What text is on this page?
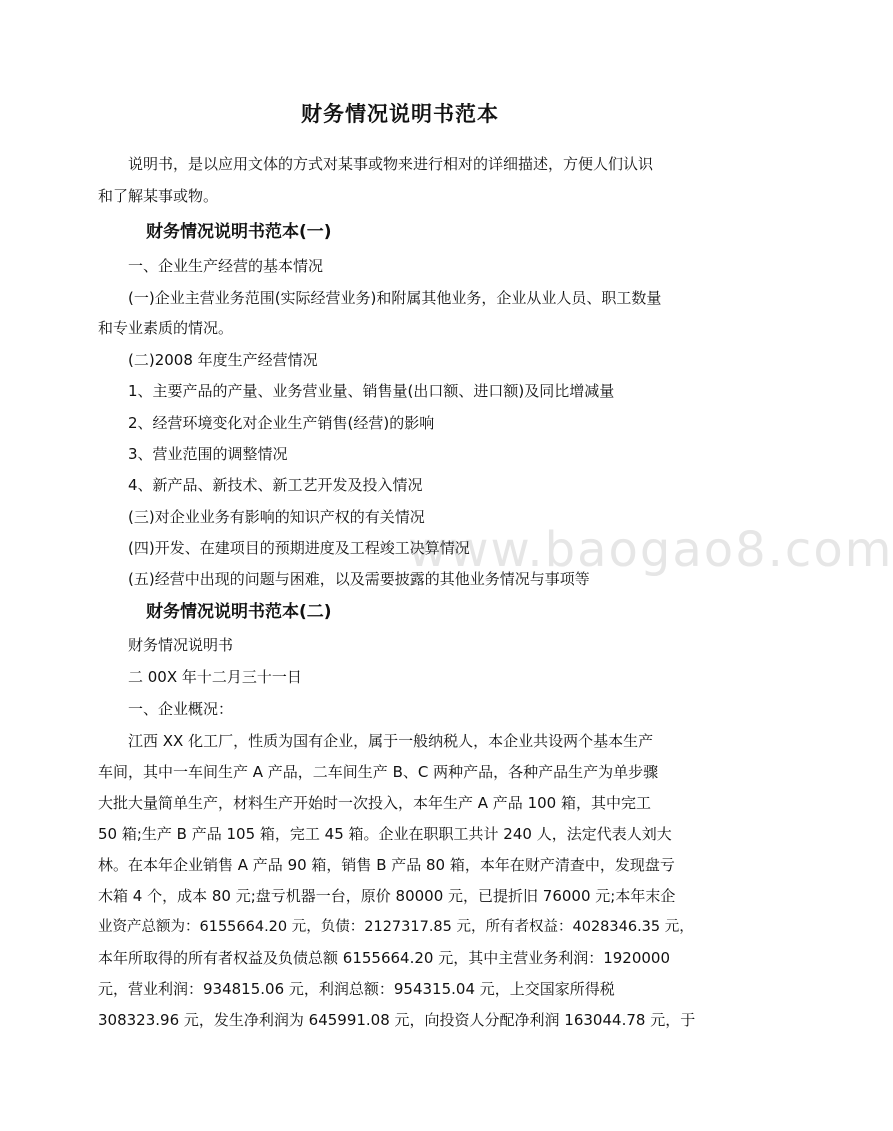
www.baogao8.com
财务情况说明书范本
说明书，是以应用文体的方式对某事或物来进行相对的详细描述，方便人们认识
和了解某事或物。
财务情况说明书范本(一)
一、企业生产经营的基本情况
(一)企业主营业务范围(实际经营业务)和附属其他业务，企业从业人员、职工数量
和专业素质的情况。
(二)2008 年度生产经营情况
1、主要产品的产量、业务营业量、销售量(出口额、进口额)及同比增减量
2、经营环境变化对企业生产销售(经营)的影响
3、营业范围的调整情况
4、新产品、新技术、新工艺开发及投入情况
(三)对企业业务有影响的知识产权的有关情况
(四)开发、在建项目的预期进度及工程竣工决算情况
(五)经营中出现的问题与困难，以及需要披露的其他业务情况与事项等
财务情况说明书范本(二)
财务情况说明书
二 00X 年十二月三十一日
一、企业概况：
江西 XX 化工厂，性质为国有企业，属于一般纳税人，本企业共设两个基本生产
车间，其中一车间生产 A 产品，二车间生产 B、C 两种产品，各种产品生产为单步骤
大批大量简单生产，材料生产开始时一次投入，本年生产 A 产品 100 箱，其中完工
50 箱;生产 B 产品 105 箱，完工 45 箱。企业在职职工共计 240 人，法定代表人刘大
林。在本年企业销售 A 产品 90 箱，销售 B 产品 80 箱，本年在财产清查中，发现盘亏
木箱 4 个，成本 80 元;盘亏机器一台，原价 80000 元，已提折旧 76000 元;本年末企
业资产总额为：6155664.20 元，负债：2127317.85 元，所有者权益：4028346.35 元，
本年所取得的所有者权益及负债总额 6155664.20 元，其中主营业务利润：1920000
元，营业利润：934815.06 元，利润总额：954315.04 元，上交国家所得税
308323.96 元，发生净利润为 645991.08 元，向投资人分配净利润 163044.78 元，于
